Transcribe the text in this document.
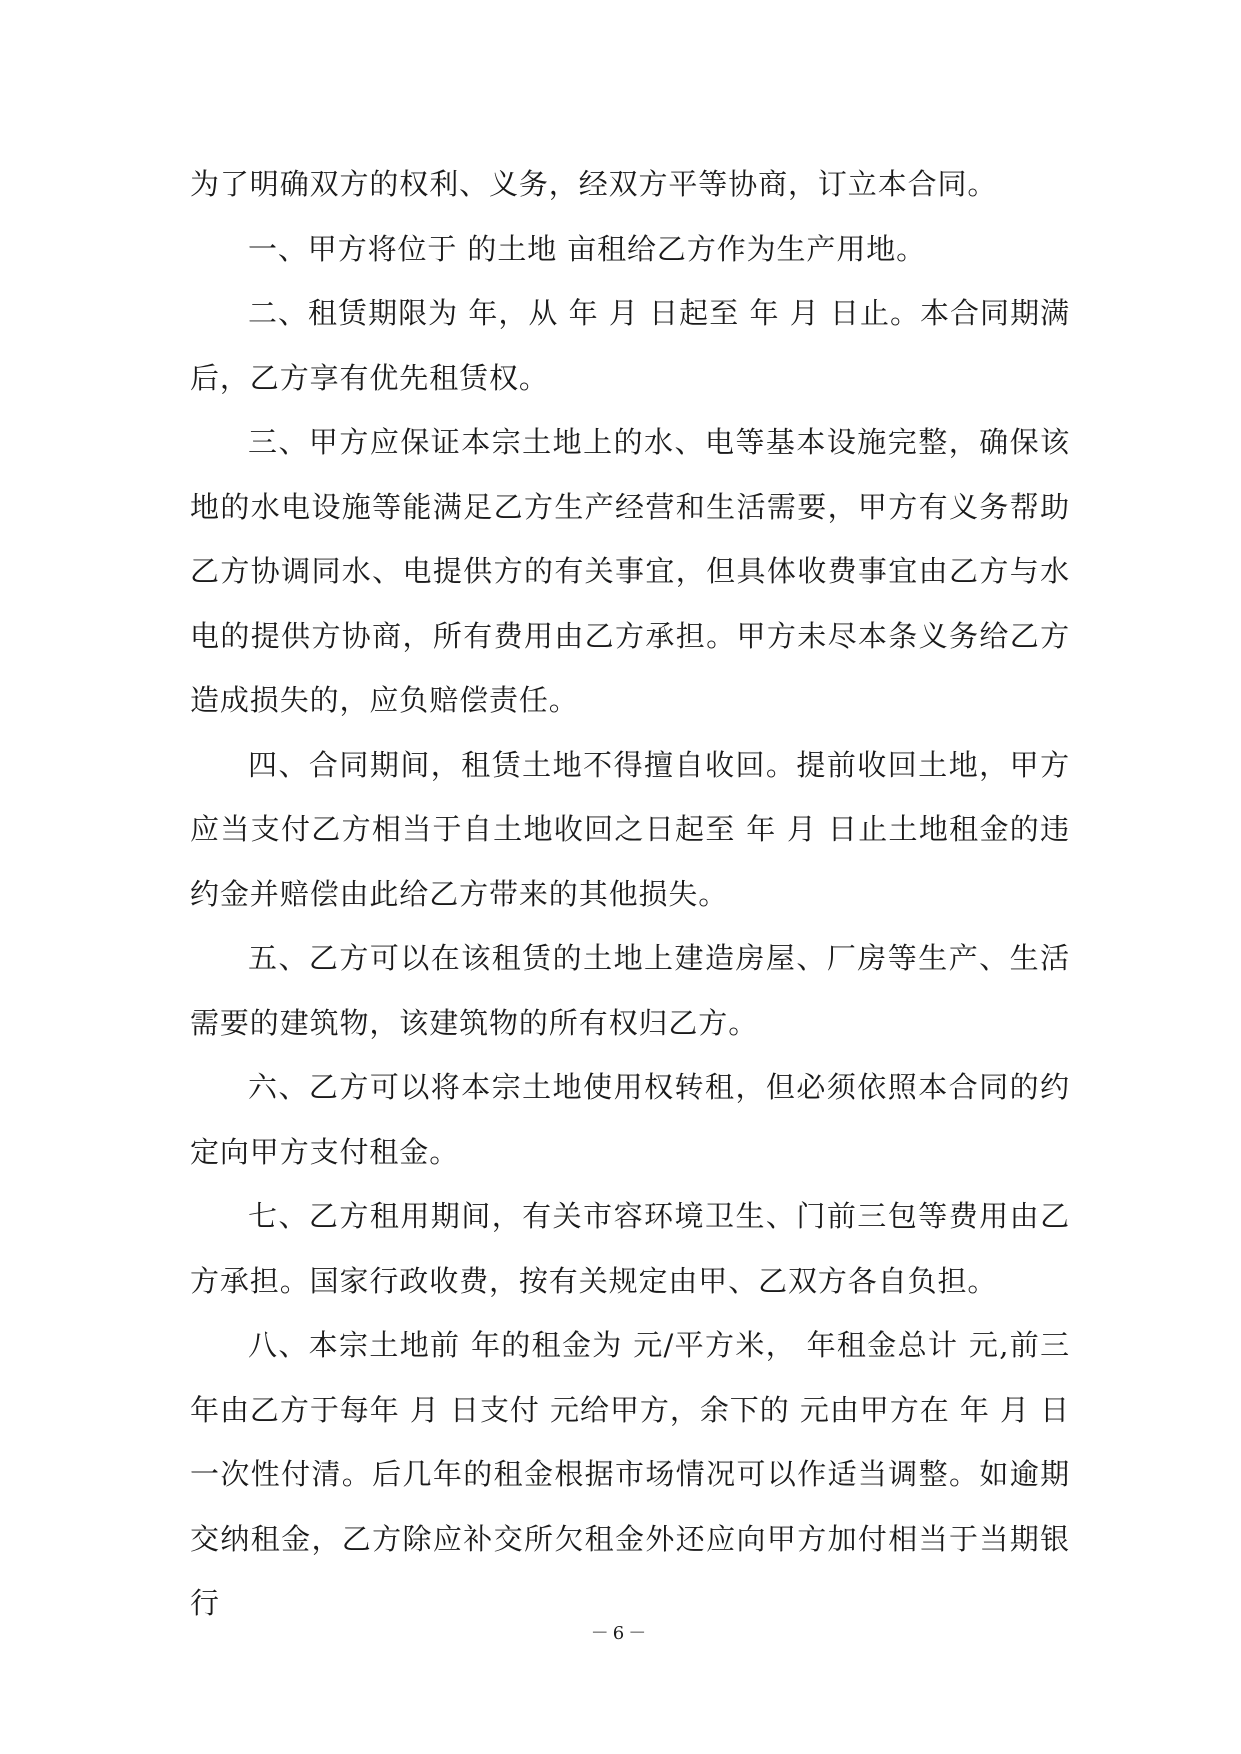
为了明确双方的权利、义务，经双方平等协商，订立本合同。

一、甲方将位于 的土地 亩租给乙方作为生产用地。

二、租赁期限为 年，从 年 月 日起至 年 月 日止。本合同期满后，乙方享有优先租赁权。

三、甲方应保证本宗土地上的水、电等基本设施完整，确保该地的水电设施等能满足乙方生产经营和生活需要，甲方有义务帮助乙方协调同水、电提供方的有关事宜，但具体收费事宜由乙方与水电的提供方协商，所有费用由乙方承担。甲方未尽本条义务给乙方造成损失的，应负赔偿责任。

四、合同期间，租赁土地不得擅自收回。提前收回土地，甲方应当支付乙方相当于自土地收回之日起至 年 月 日止土地租金的违约金并赔偿由此给乙方带来的其他损失。

五、乙方可以在该租赁的土地上建造房屋、厂房等生产、生活需要的建筑物，该建筑物的所有权归乙方。

六、乙方可以将本宗土地使用权转租，但必须依照本合同的约定向甲方支付租金。

七、乙方租用期间，有关市容环境卫生、门前三包等费用由乙方承担。国家行政收费，按有关规定由甲、乙双方各自负担。

八、本宗土地前 年的租金为 元/平方米， 年租金总计 元,前三年由乙方于每年 月 日支付 元给甲方，余下的 元由甲方在 年 月 日一次性付清。后几年的租金根据市场情况可以作适当调整。如逾期交纳租金，乙方除应补交所欠租金外还应向甲方加付相当于当期银行

－6－
